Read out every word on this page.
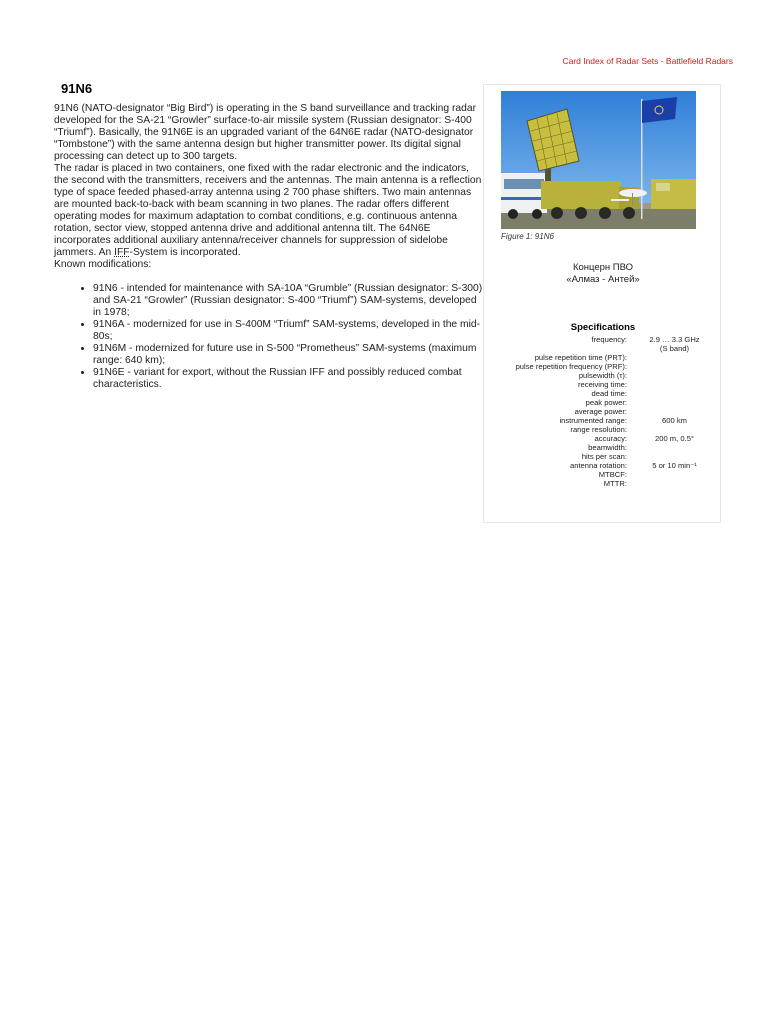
Card Index of Radar Sets - Battlefield Radars
91N6

91N6 (NATO-designator “Big Bird”) is operating in the S band surveillance and tracking radar developed for the SA-21 “Growler” surface-to-air missile system (Russian designator: S-400 “Triumf”). Basically, the 91N6E is an upgraded variant of the 64N6E radar (NATO-designator “Tombstone”) with the same antenna design but higher transmitter power. Its digital signal processing can detect up to 300 targets.

The radar is placed in two containers, one fixed with the radar electronic and the indicators, the second with the transmitters, receivers and the antennas. The main antenna is a reflection type of space feeded phased-array antenna using 2 700 phase shifters. Two main antennas are mounted back-to-back with beam scanning in two planes. The radar offers different operating modes for maximum adaptation to combat conditions, e.g. continuous antenna rotation, sector view, stopped antenna drive and additional antenna tilt. The 64N6E incorporates additional auxiliary antenna/receiver channels for suppression of sidelobe jammers. An IFF-System is incorporated.

Known modifications:

• 91N6 - intended for maintenance with SA-10A “Grumble” (Russian designator: S-300) and SA-21 “Growler” (Russian designator: S-400 “Triumf”) SAM-systems, developed in 1978;
• 91N6A - modernized for use in S-400M “Triumf” SAM-systems, developed in the mid-80s;
• 91N6M - modernized for future use in S-500 “Prometheus” SAM-systems (maximum range: 640 km);
• 91N6E - variant for export, without the Russian IFF and possibly reduced combat characteristics.
Figure 1: 91N6
Концерн ПВО
«Алмаз - Антей»
Specifications
frequency:	2.9 … 3.3 GHz
(S band)
pulse repetition time (PRT):	
pulse repetition frequency (PRF):	
pulsewidth (τ):	
receiving time:	
dead time:	
peak power:	
average power:	
instrumented range:	600 km
range resolution:	
accuracy:	200 m, 0.5°
beamwidth:	
hits per scan:	
antenna rotation:	5 or 10 min⁻¹
MTBCF:	
MTTR:	
